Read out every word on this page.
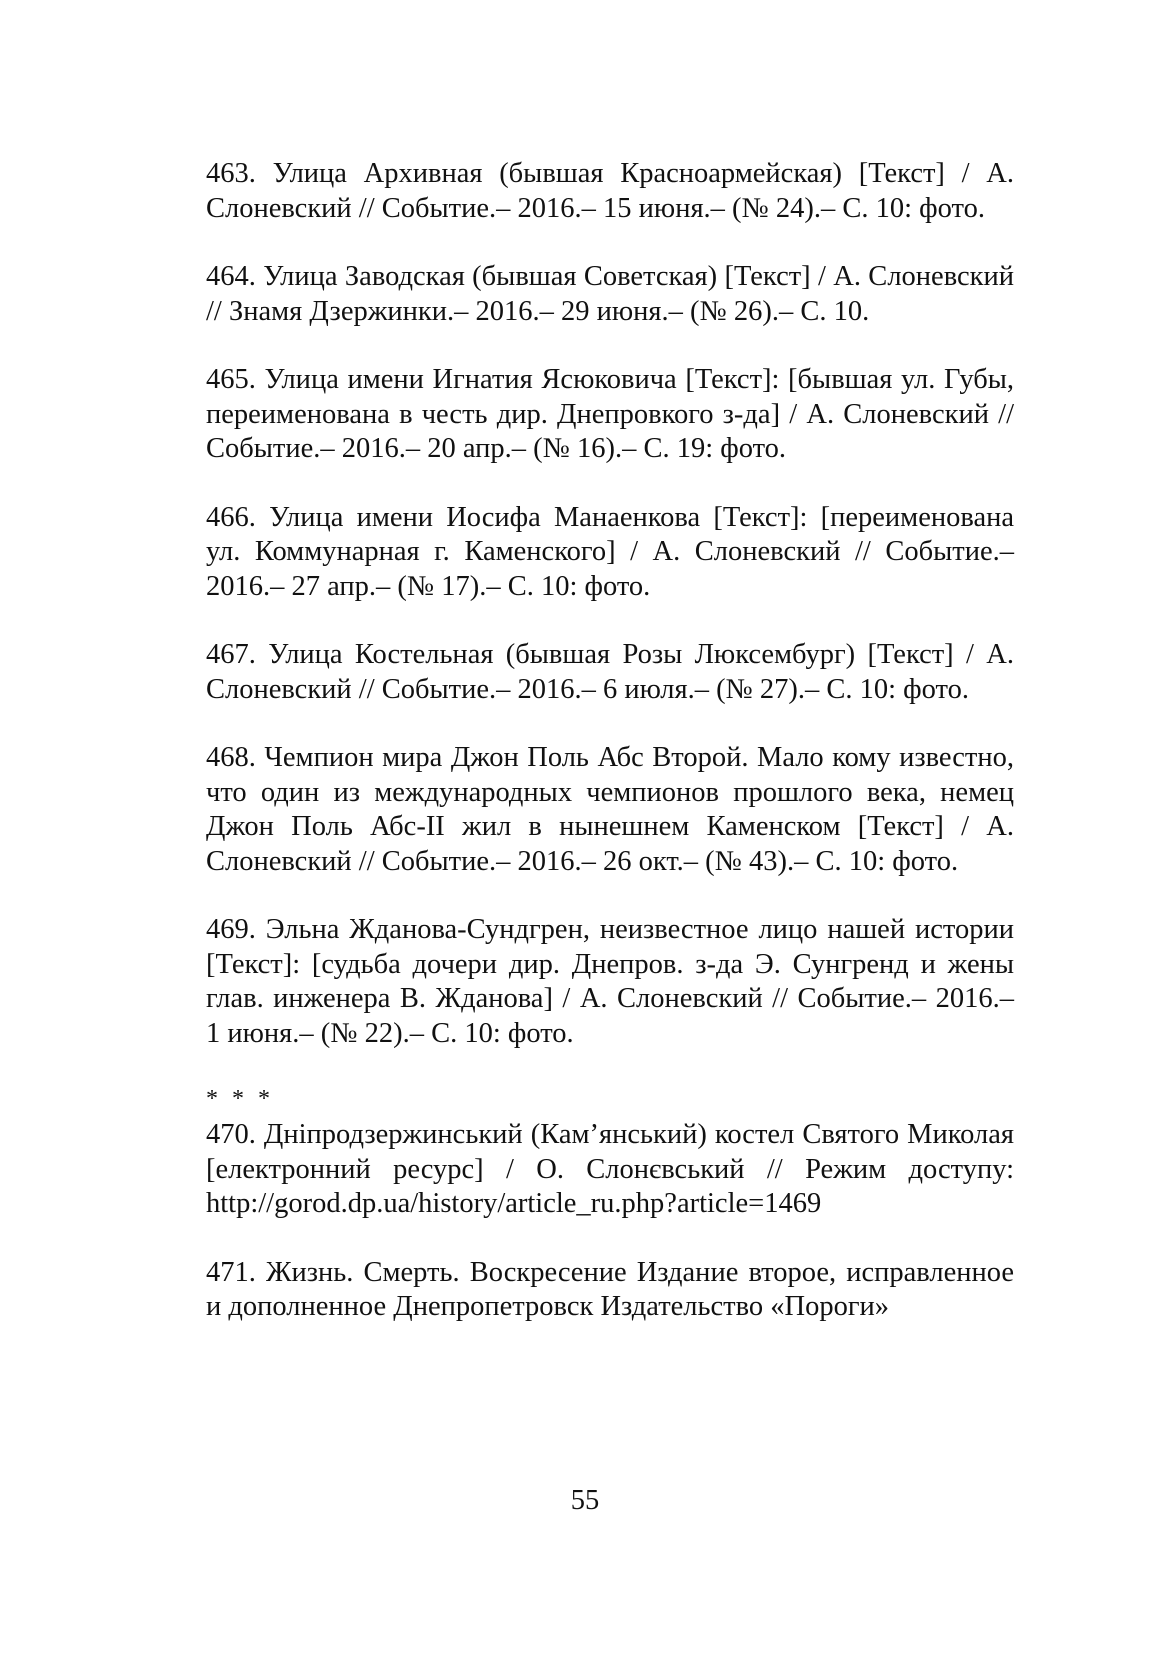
463. Улица Архивная (бывшая Красноармейская) [Текст] / А. Слоневский // Событие.– 2016.– 15 июня.– (№ 24).– С. 10: фото.

464. Улица Заводская (бывшая Советская) [Текст] / А. Слоневский // Знамя Дзержинки.– 2016.– 29 июня.– (№ 26).– С. 10.

465. Улица имени Игнатия Ясюковича [Текст]: [бывшая ул. Губы, переименована в честь дир. Днепровкого з-да] / А. Слоневский // Событие.– 2016.– 20 апр.– (№ 16).– С. 19: фото.

466. Улица имени Иосифа Манаенкова [Текст]: [переименована ул. Коммунарная г. Каменского] / А. Слоневский // Событие.– 2016.– 27 апр.– (№ 17).– С. 10: фото.

467. Улица Костельная (бывшая Розы Люксембург) [Текст] / А. Слоневский // Событие.– 2016.– 6 июля.– (№ 27).– С. 10: фото.

468. Чемпион мира Джон Поль Абс Второй. Мало кому известно, что один из международных чемпионов прошлого века, немец Джон Поль Абс-II жил в нынешнем Каменском [Текст] / А. Слоневский // Событие.– 2016.– 26 окт.– (№ 43).– С. 10: фото.

469. Эльна Жданова-Сундгрен, неизвестное лицо нашей истории [Текст]: [судьба дочери дир. Днепров. з-да Э. Сунгренд и жены глав. инженера В. Жданова] / А. Слоневский // Событие.– 2016.– 1 июня.– (№ 22).– С. 10: фото.

* * *

470. Дніпродзержинський (Кам’янський) костел Святого Миколая [електронний ресурс] / О. Слонєвський // Режим доступу: http://gorod.dp.ua/history/article_ru.php?article=1469

471. Жизнь. Смерть. Воскресение Издание второе, исправленное и дополненное Днепропетровск Издательство «Пороги»

55
